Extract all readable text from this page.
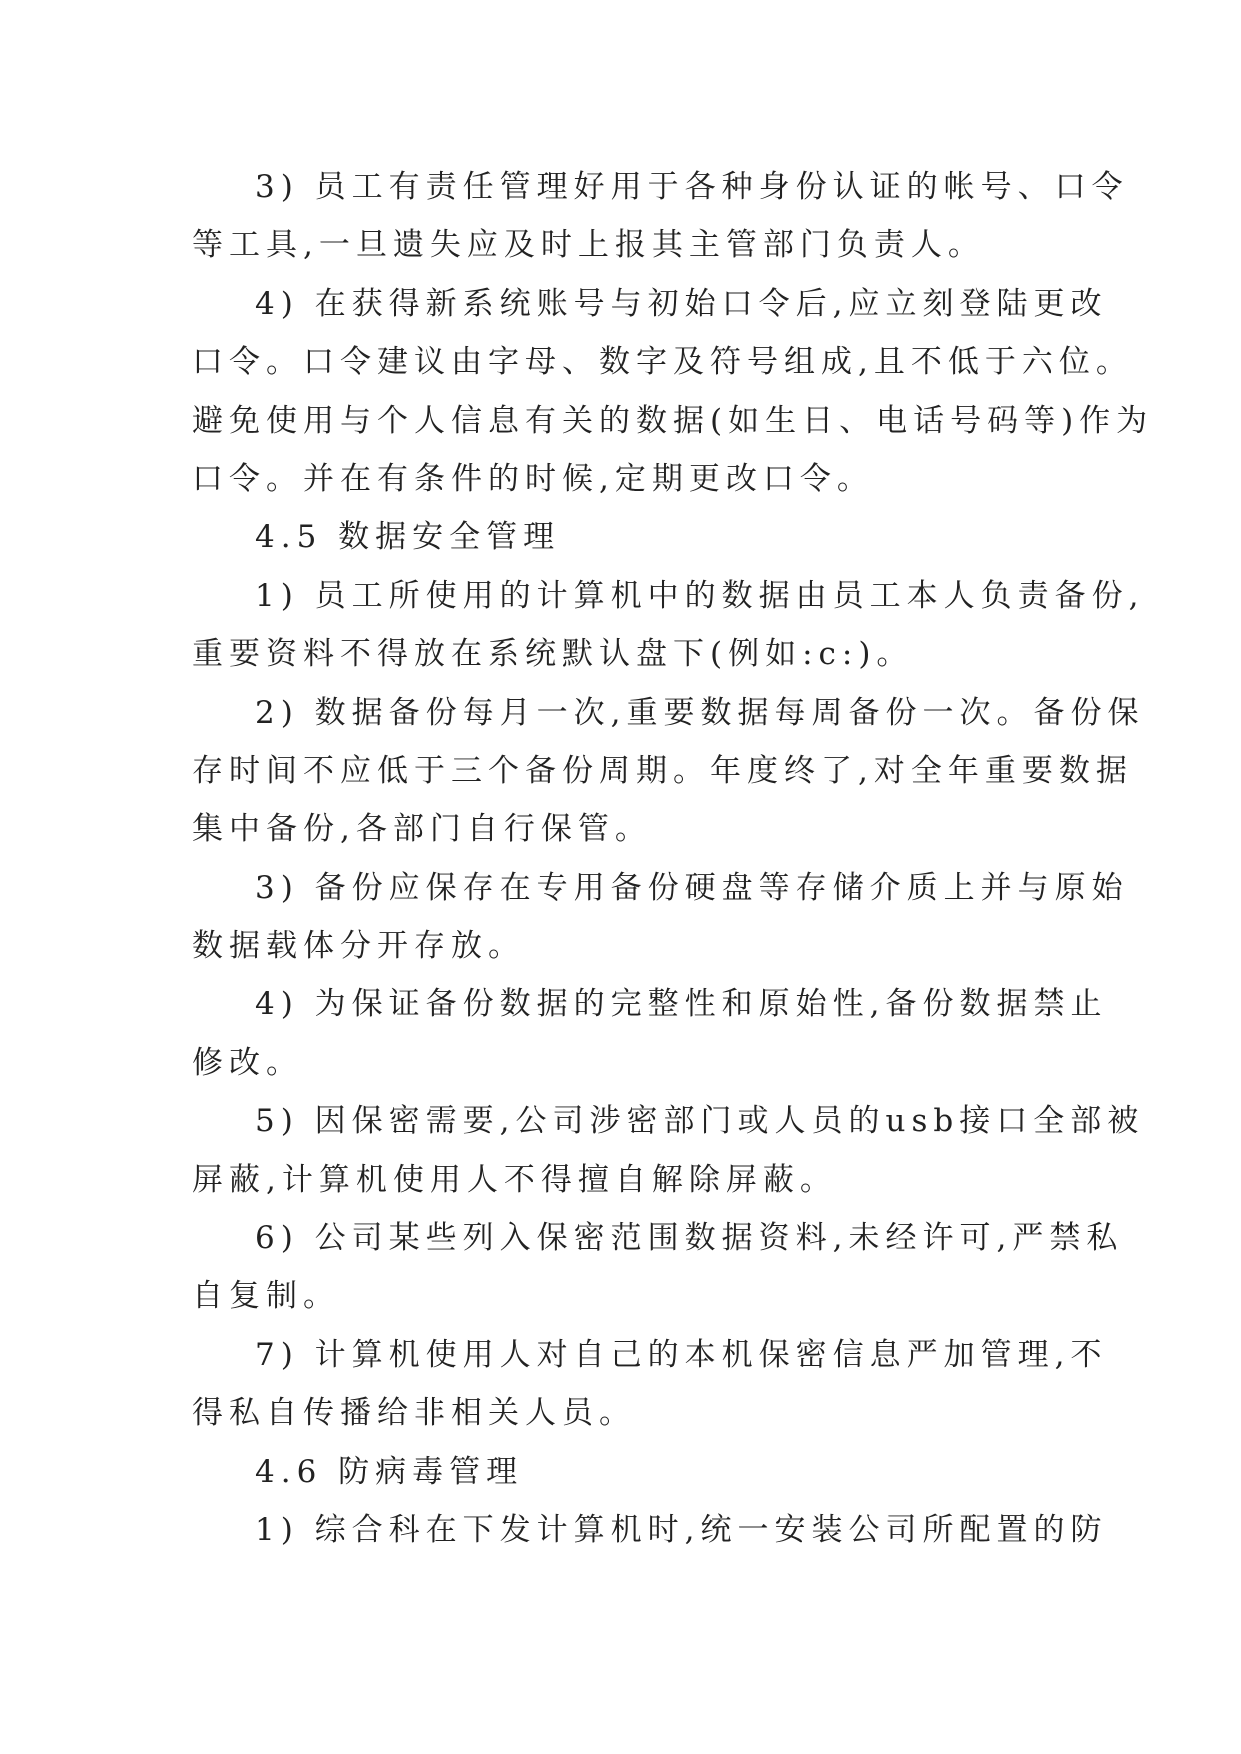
3) 员工有责任管理好用于各种身份认证的帐号、口令
等工具,一旦遗失应及时上报其主管部门负责人。
4) 在获得新系统账号与初始口令后,应立刻登陆更改
口令。口令建议由字母、数字及符号组成,且不低于六位。
避免使用与个人信息有关的数据(如生日、电话号码等)作为
口令。并在有条件的时候,定期更改口令。
4.5 数据安全管理
1) 员工所使用的计算机中的数据由员工本人负责备份,
重要资料不得放在系统默认盘下(例如:c:)。
2) 数据备份每月一次,重要数据每周备份一次。备份保
存时间不应低于三个备份周期。年度终了,对全年重要数据
集中备份,各部门自行保管。
3) 备份应保存在专用备份硬盘等存储介质上并与原始
数据载体分开存放。
4) 为保证备份数据的完整性和原始性,备份数据禁止
修改。
5) 因保密需要,公司涉密部门或人员的usb接口全部被
屏蔽,计算机使用人不得擅自解除屏蔽。
6) 公司某些列入保密范围数据资料,未经许可,严禁私
自复制。
7) 计算机使用人对自己的本机保密信息严加管理,不
得私自传播给非相关人员。
4.6 防病毒管理
1) 综合科在下发计算机时,统一安装公司所配置的防
